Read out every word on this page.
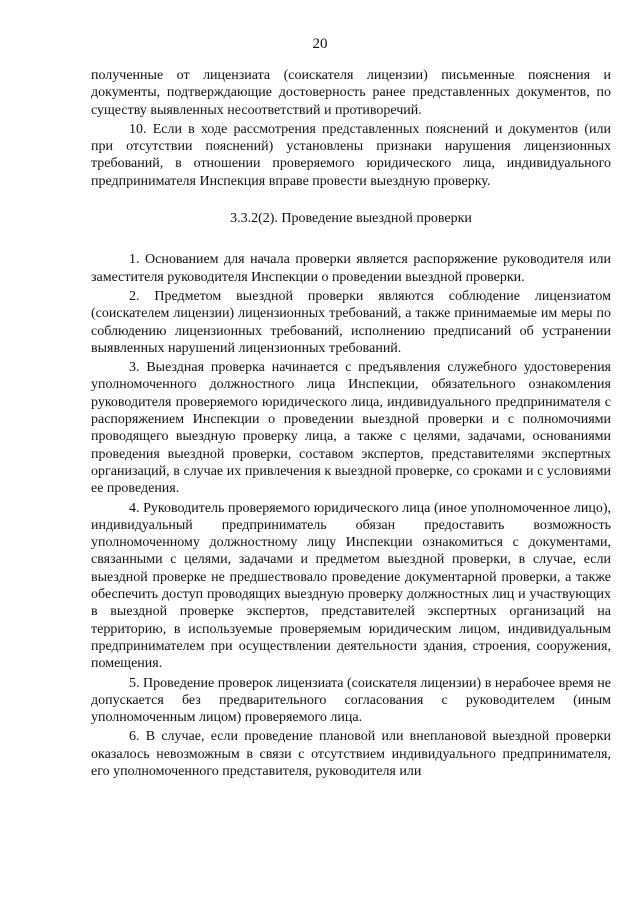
20

полученные от лицензиата (соискателя лицензии) письменные пояснения и документы, подтверждающие достоверность ранее представленных документов, по существу выявленных несоответствий и противоречий.

10. Если в ходе рассмотрения представленных пояснений и документов (или при отсутствии пояснений) установлены признаки нарушения лицензионных требований, в отношении проверяемого юридического лица, индивидуального предпринимателя Инспекция вправе провести выездную проверку.

3.3.2(2). Проведение выездной проверки

1. Основанием для начала проверки является распоряжение руководителя или заместителя руководителя Инспекции о проведении выездной проверки.

2. Предметом выездной проверки являются соблюдение лицензиатом (соискателем лицензии) лицензионных требований, а также принимаемые им меры по соблюдению лицензионных требований, исполнению предписаний об устранении выявленных нарушений лицензионных требований.

3. Выездная проверка начинается с предъявления служебного удостоверения уполномоченного должностного лица Инспекции, обязательного ознакомления руководителя проверяемого юридического лица, индивидуального предпринимателя с распоряжением Инспекции о проведении выездной проверки и с полномочиями проводящего выездную проверку лица, а также с целями, задачами, основаниями проведения выездной проверки, составом экспертов, представителями экспертных организаций, в случае их привлечения к выездной проверке, со сроками и с условиями ее проведения.

4. Руководитель проверяемого юридического лица (иное уполномоченное лицо), индивидуальный предприниматель обязан предоставить возможность уполномоченному должностному лицу Инспекции ознакомиться с документами, связанными с целями, задачами и предметом выездной проверки, в случае, если выездной проверке не предшествовало проведение документарной проверки, а также обеспечить доступ проводящих выездную проверку должностных лиц и участвующих в выездной проверке экспертов, представителей экспертных организаций на территорию, в используемые проверяемым юридическим лицом, индивидуальным предпринимателем при осуществлении деятельности здания, строения, сооружения, помещения.

5. Проведение проверок лицензиата (соискателя лицензии) в нерабочее время не допускается без предварительного согласования с руководителем (иным уполномоченным лицом) проверяемого лица.

6. В случае, если проведение плановой или внеплановой выездной проверки оказалось невозможным в связи с отсутствием индивидуального предпринимателя, его уполномоченного представителя, руководителя или
